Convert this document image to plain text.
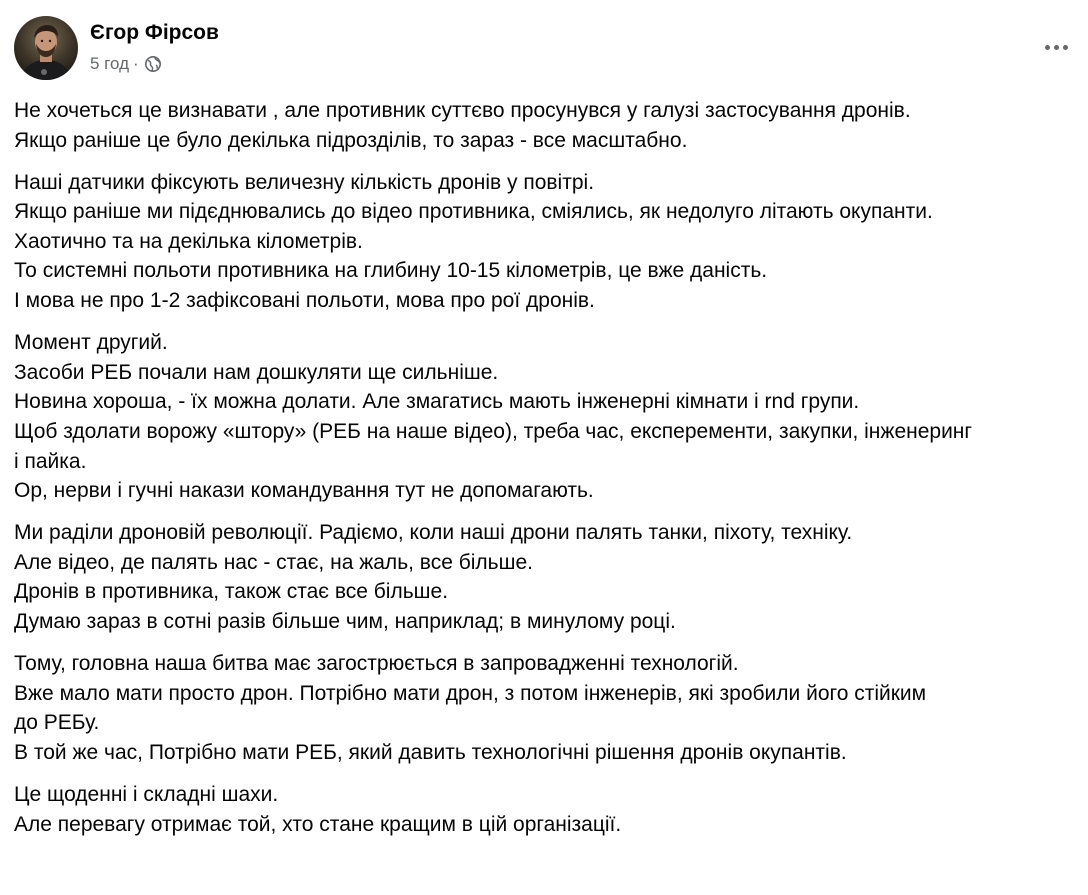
Єгор Фірсов
5 год ·
Не хочеться це визнавати , але противник суттєво просунувся у галузі застосування дронів.
Якщо раніше це було декілька підрозділів, то зараз - все масштабно.
Наші датчики фіксують величезну кількість дронів у повітрі.
Якщо раніше ми підєднювались до відео противника, сміялись, як недолуго літають окупанти.
Хаотично та на декілька кілометрів.
То системні польоти противника на глибину 10-15 кілометрів, це вже даність.
І мова не про 1-2 зафіксовані польоти, мова про рої дронів.
Момент другий.
Засоби РЕБ почали нам дошкуляти ще сильніше.
Новина хороша, - їх можна долати. Але змагатись мають інженерні кімнати і rnd групи.
Щоб здолати ворожу «штору» (РЕБ на наше відео), треба час, експеременти, закупки, інженеринг
і пайка.
Ор, нерви і гучні накази командування тут не допомагають.
Ми раділи дроновій революції. Радіємо, коли наші дрони палять танки, піхоту, техніку.
Але відео, де палять нас - стає, на жаль, все більше.
Дронів в противника, також стає все більше.
Думаю зараз в сотні разів більше чим, наприклад; в минулому році.
Тому, головна наша битва має загострюється в запровадженні технологій.
Вже мало мати просто дрон. Потрібно мати дрон, з потом інженерів, які зробили його стійким
до РЕБу.
В той же час, Потрібно мати РЕБ, який давить технологічні рішення дронів окупантів.
Це щоденні і складні шахи.
Але перевагу отримає той, хто стане кращим в цій організації.
